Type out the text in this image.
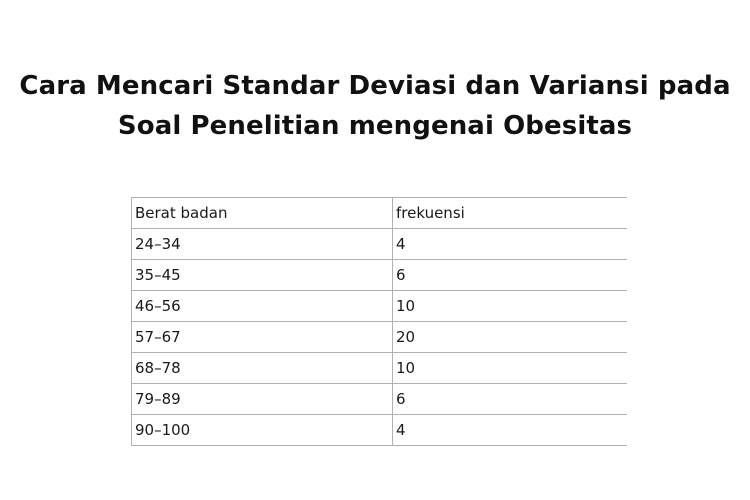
Cara Mencari Standar Deviasi dan Variansi pada
Soal Penelitian mengenai Obesitas
Berat badan	frekuensi
24–34	4
35–45	6
46–56	10
57–67	20
68–78	10
79–89	6
90–100	4
